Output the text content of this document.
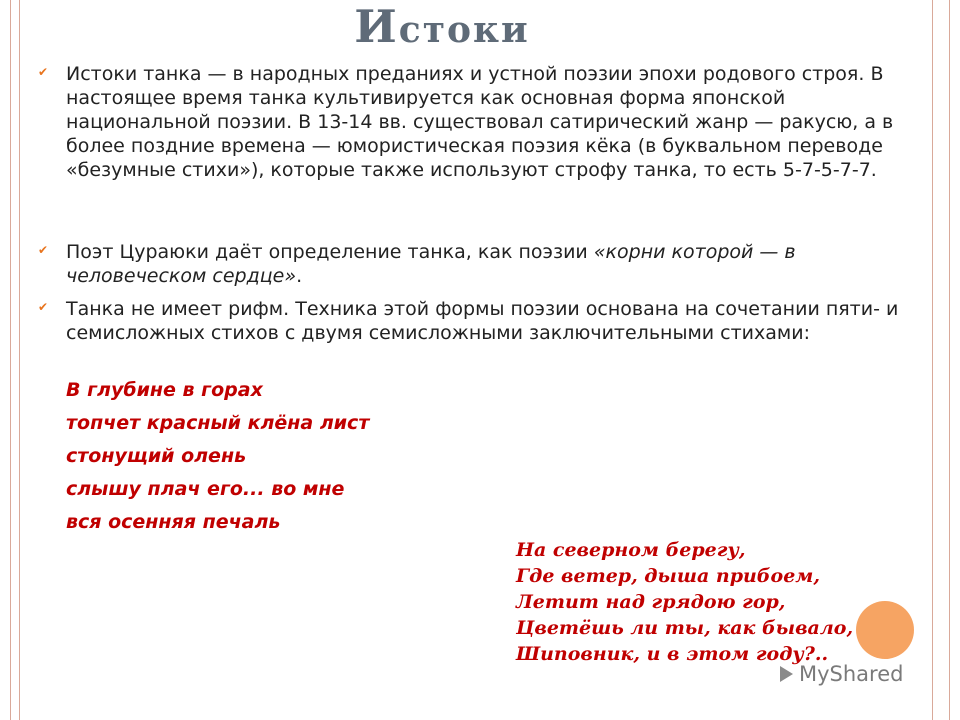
Истоки
✔ Истоки танка — в народных преданиях и устной поэзии эпохи родового строя. В настоящее время танка культивируется как основная форма японской национальной поэзии. В 13-14 вв. существовал сатирический жанр — ракусю, а в более поздние времена — юмористическая поэзия кёка (в буквальном переводе «безумные стихи»), которые также используют строфу танка, то есть 5-7-5-7-7.
✔ Поэт Цураюки даёт определение танка, как поэзии «корни которой — в человеческом сердце».
✔ Танка не имеет рифм. Техника этой формы поэзии основана на сочетании пяти- и семисложных стихов с двумя семисложными заключительными стихами:
В глубине в горах
топчет красный клёна лист
стонущий олень
слышу плач его... во мне
вся осенняя печаль
На северном берегу,
Где ветер, дыша прибоем,
Летит над грядою гор,
Цветёшь ли ты, как бывало,
Шиповник, и в этом году?..
MyShared
